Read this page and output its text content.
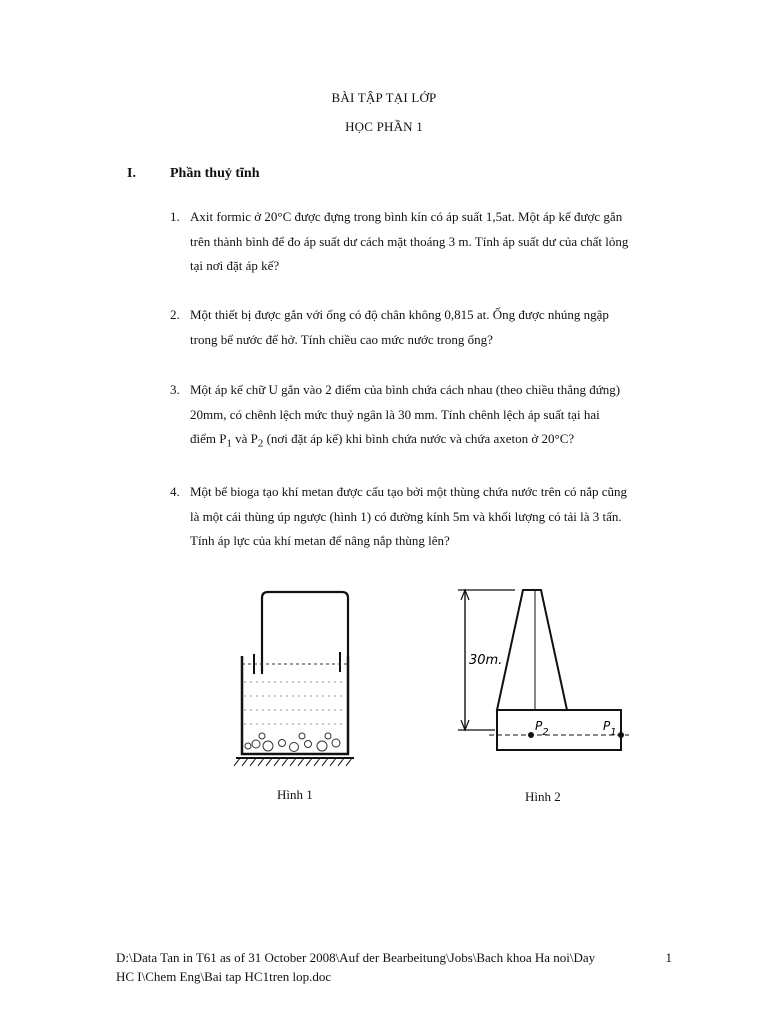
BÀI TẬP TẠI LỚP
HỌC PHẦN 1
I. Phần thuỷ tĩnh
1. Axit formic ở 20°C được đựng trong bình kín có áp suất 1,5at. Một áp kế được gắn
trên thành bình để đo áp suất dư cách mặt thoáng 3 m. Tính áp suất dư của chất lỏng
tại nơi đặt áp kế?
2. Một thiết bị được gắn với ống có độ chân không 0,815 at. Ống được nhúng ngập
trong bể nước để hở. Tính chiều cao mức nước trong ống?
3. Một áp kế chữ U gắn vào 2 điểm của bình chứa cách nhau (theo chiều thẳng đứng)
20mm, có chênh lệch mức thuỷ ngân là 30 mm. Tính chênh lệch áp suất tại hai
điểm $P_1$ và $P_2$ (nơi đặt áp kế) khi bình chứa nước và chứa axeton ở 20°C?
4. Một bể bioga tạo khí metan được cấu tạo bởi một thùng chứa nước trên có nắp cũng
là một cái thùng úp ngược (hình 1) có đường kính 5m và khối lượng có tải là 3 tấn.
Tính áp lực của khí metan để nâng nắp thùng lên?
Hình 1
30m.
$P_2$	$P_1$
Hình 2
D:\Data Tan in T61 as of 31 October 2008\Auf der Bearbeitung\Jobs\Bach khoa Ha noi\Day
HC I\Chem Eng\Bai tap HC1tren lop.doc
1
